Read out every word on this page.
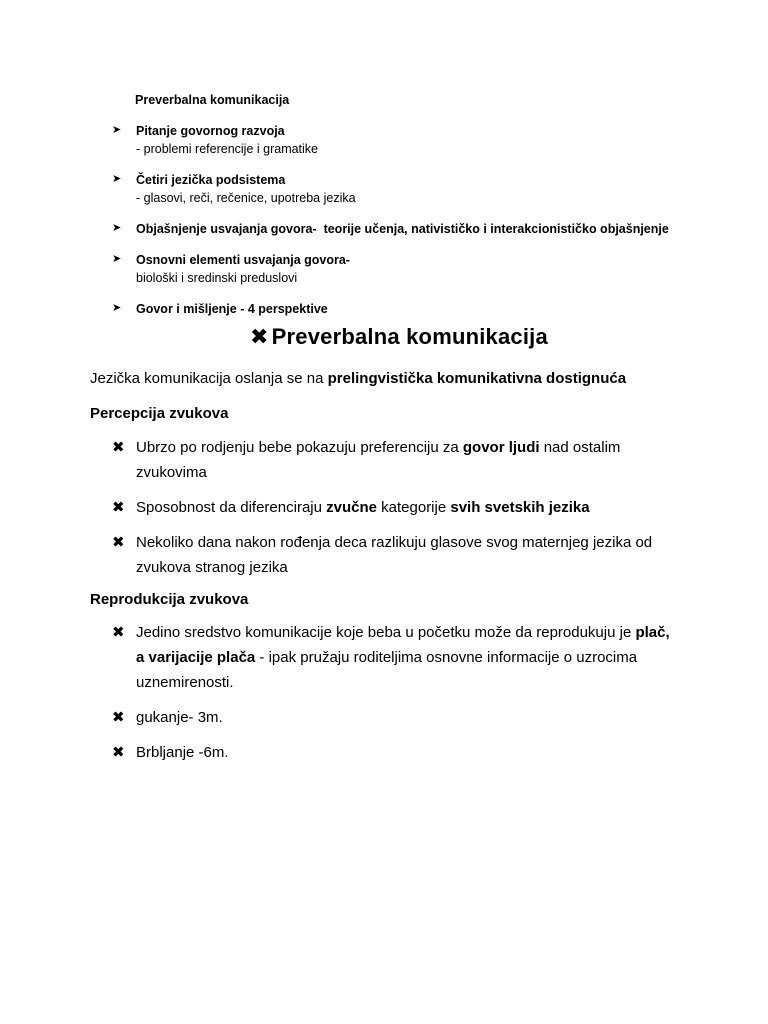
Preverbalna komunikacija
➤ Pitanje govornog razvoja
- problemi referencije i gramatike
➤ Četiri jezička podsistema
- glasovi, reči, rečenice, upotreba jezika
➤ Objašnjenje usvajanja govora-  teorije učenja, nativističko i interakcionističko objašnjenje
➤ Osnovni elementi usvajanja govora-
biološki i sredinski preduslovi
➤ Govor i mišljenje - 4 perspektive
✖ Preverbalna komunikacija
Jezička komunikacija oslanja se na prelingvistička komunikativna dostignuća
Percepcija zvukova
✖ Ubrzo po rodjenju bebe pokazuju preferenciju za govor ljudi nad ostalim zvukovima
✖ Sposobnost da diferenciraju zvučne kategorije svih svetskih jezika
✖ Nekoliko dana nakon rođenja deca razlikuju glasove svog maternjeg jezika od zvukova stranog jezika
Reprodukcija zvukova
✖ Jedino sredstvo komunikacije koje beba u početku može da reprodukuju je plač, a varijacije plača - ipak pružaju roditeljima osnovne informacije o uzrocima uznemirenosti.
✖ gukanje- 3m.
✖ Brbljanje -6m.
